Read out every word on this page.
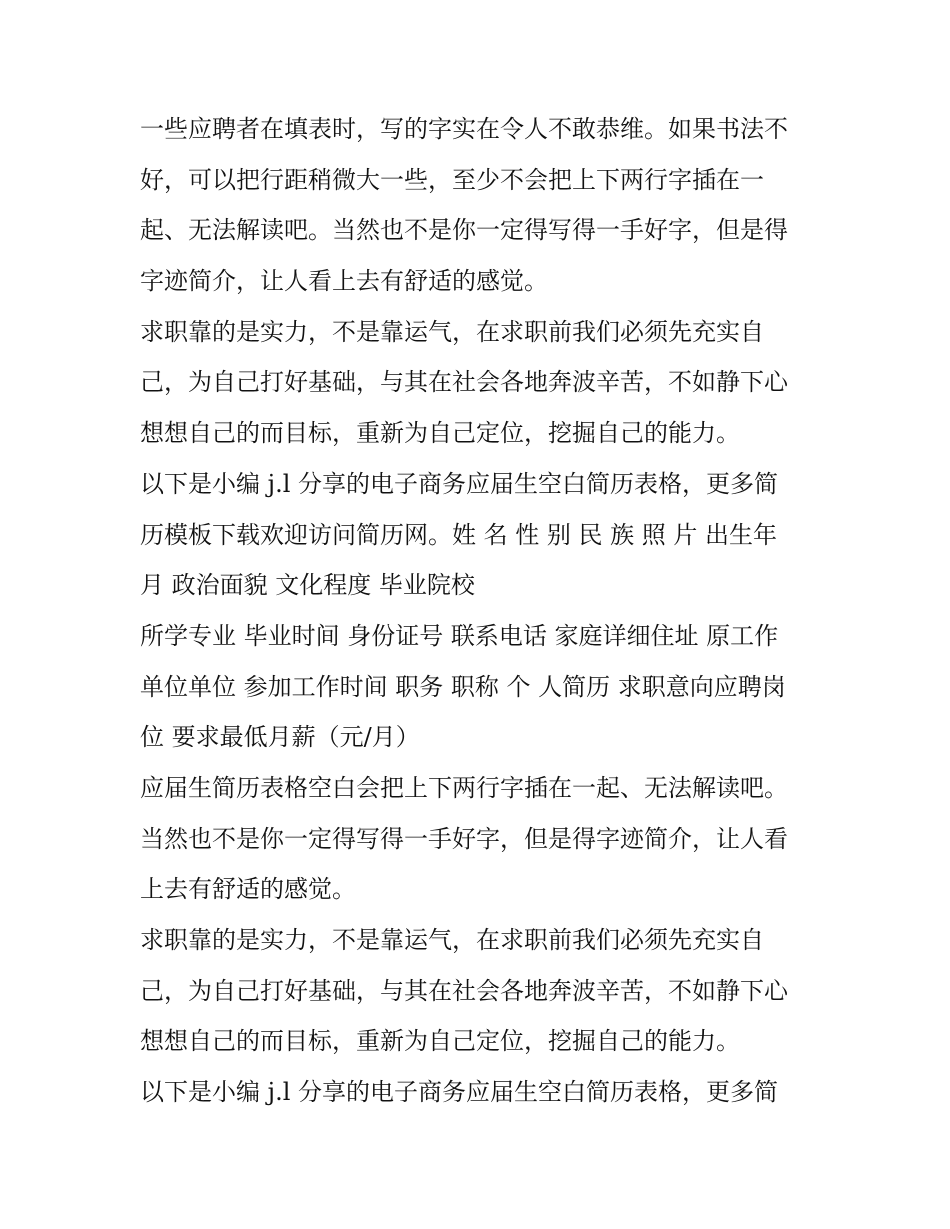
一些应聘者在填表时，写的字实在令人不敢恭维。如果书法不
好，可以把行距稍微大一些，至少不会把上下两行字插在一
起、无法解读吧。当然也不是你一定得写得一手好字，但是得
字迹简介，让人看上去有舒适的感觉。
求职靠的是实力，不是靠运气，在求职前我们必须先充实自
己，为自己打好基础，与其在社会各地奔波辛苦，不如静下心
想想自己的而目标，重新为自己定位，挖掘自己的能力。
以下是小编 j.l 分享的电子商务应届生空白简历表格，更多简
历模板下载欢迎访问简历网。姓 名 性 别 民 族 照 片 出生年
月 政治面貌 文化程度 毕业院校
所学专业 毕业时间 身份证号 联系电话 家庭详细住址 原工作
单位单位 参加工作时间 职务 职称 个 人简历 求职意向应聘岗
位 要求最低月薪（元/月）
应届生简历表格空白会把上下两行字插在一起、无法解读吧。
当然也不是你一定得写得一手好字，但是得字迹简介，让人看
上去有舒适的感觉。
求职靠的是实力，不是靠运气，在求职前我们必须先充实自
己，为自己打好基础，与其在社会各地奔波辛苦，不如静下心
想想自己的而目标，重新为自己定位，挖掘自己的能力。
以下是小编 j.l 分享的电子商务应届生空白简历表格，更多简
